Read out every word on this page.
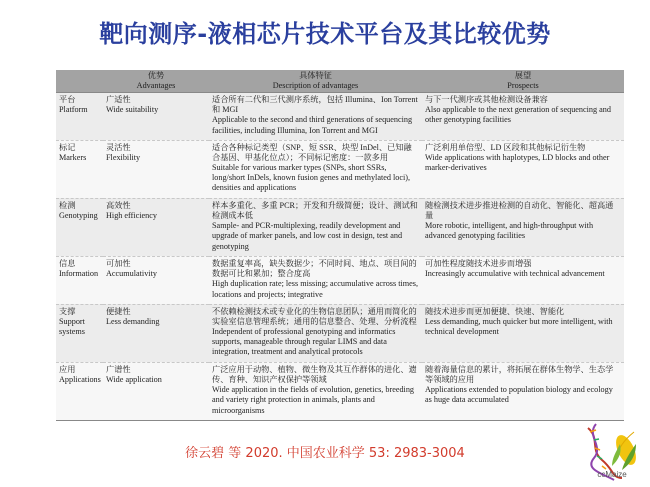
靶向测序-液相芯片技术平台及其比较优势

	优势
Advantages	具体特征
Description of advantages	展望
Prospects

平台
Platform	广适性
Wide suitability	适合所有二代和三代测序系统，包括 Illumina、Ion Torrent 和 MGI
Applicable to the second and third generations of sequencing facilities, including Illumina, Ion Torrent and MGI	与下一代测序或其他检测设备兼容
Also applicable to the next generation of sequencing and other genotyping facilities

标记
Markers	灵活性
Flexibility	适合各种标记类型（SNP、短 SSR、块型 InDel、已知融合基因、甲基化位点）；不同标记密度：一款多用
Suitable for various marker types (SNPs, short SSRs, long/short InDels, known fusion genes and methylated loci), densities and applications	广泛利用单倍型、LD 区段和其他标记衍生物
Wide applications with haplotypes, LD blocks and other marker-derivatives

检测
Genotyping	高效性
High efficiency	样本多重化、多重 PCR；开发和升级简便；设计、测试和检测成本低
Sample- and PCR-multiplexing, readily development and upgrade of marker panels, and low cost in design, test and genotyping	随检测技术进步推进检测的自动化、智能化、超高通量
More robotic, intelligent, and high-throughput with advanced genotyping facilities

信息
Information	可加性
Accumulativity	数据重复率高，缺失数据少；不同时间、地点、项目间的数据可比和累加；整合度高
High duplication rate; less missing; accumulative across times, locations and projects; integrative	可加性程度随技术进步而增强
Increasingly accumulative with technical advancement

支撑
Support systems	便捷性
Less demanding	不依赖检测技术或专业化的生物信息团队；通用而简化的实验室信息管理系统；通用的信息整合、处理、分析流程
Independent of professional genotyping and informatics supports, manageable through regular LIMS and data integration, treatment and analytical protocols	随技术进步而更加便捷、快速、智能化
Less demanding, much quicker but more intelligent, with technical development

应用
Applications	广谱性
Wide application	广泛应用于动物、植物、微生物及其互作群体的进化、遗传、育种、知识产权保护等领域
Wide application in the fields of evolution, genetics, breeding and variety right protection in animals, plants and microorganisms	随着海量信息的累计，将拓展在群体生物学、生态学等领域的应用
Applications extended to population biology and ecology as huge data accumulated
徐云碧 等 2020. 中国农业科学 53: 2983-3004
ccMaize
